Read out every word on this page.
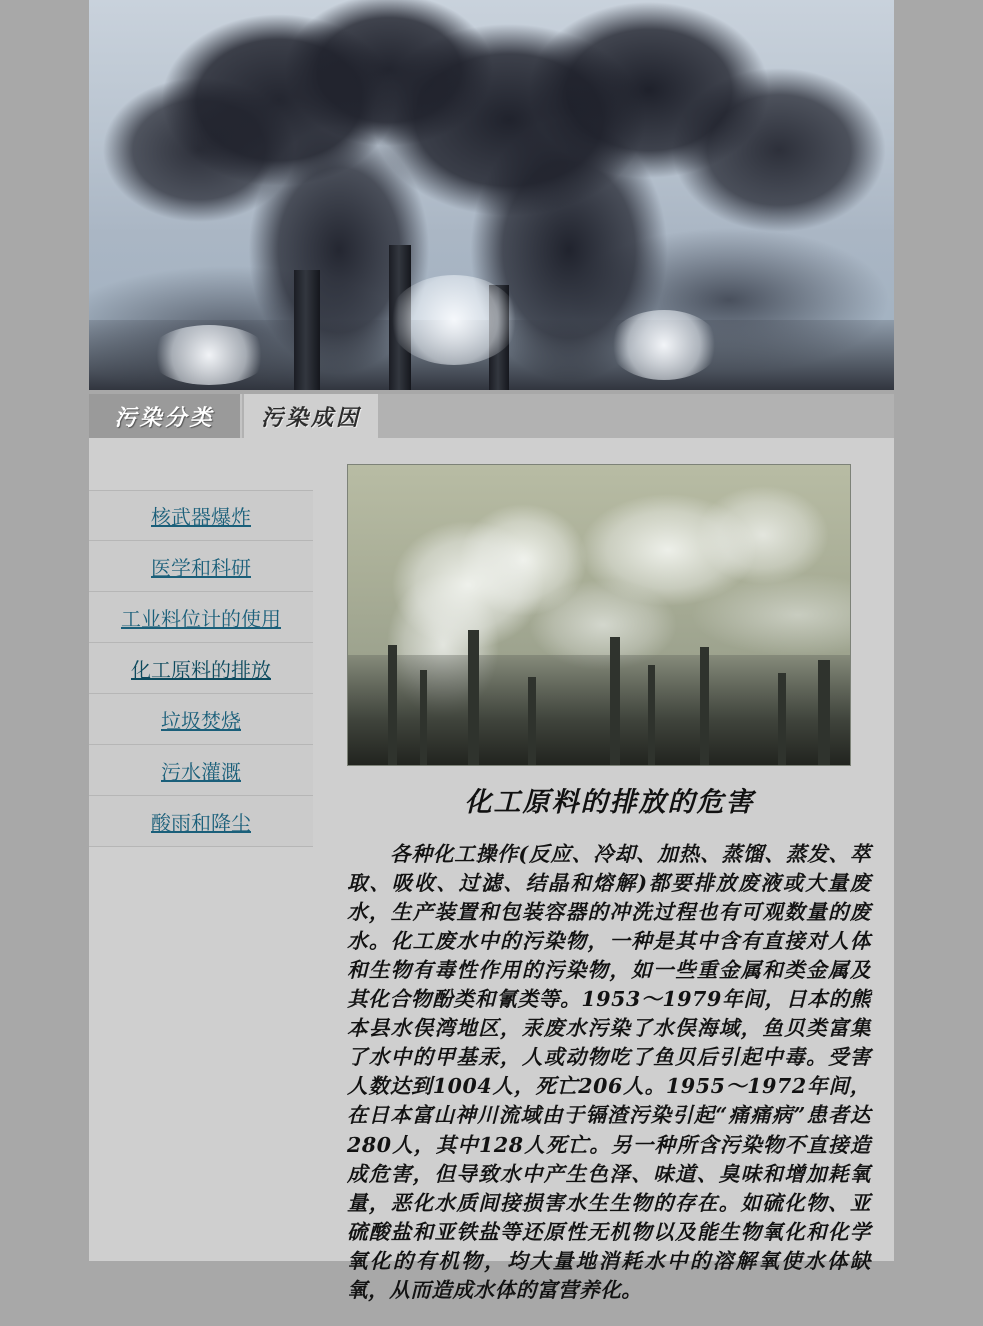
污染分类 污染成因
核武器爆炸
医学和科研
工业料位计的使用
化工原料的排放
垃圾焚烧
污水灌溉
酸雨和降尘
化工原料的排放的危害

各种化工操作(反应、冷却、加热、蒸馏、蒸发、萃取、吸收、过滤、结晶和熔解)都要排放废液或大量废水，生产装置和包装容器的冲洗过程也有可观数量的废水。化工废水中的污染物，一种是其中含有直接对人体和生物有毒性作用的污染物，如一些重金属和类金属及其化合物酚类和氰类等。1953～1979年间，日本的熊本县水俣湾地区，汞废水污染了水俣海域，鱼贝类富集了水中的甲基汞，人或动物吃了鱼贝后引起中毒。受害人数达到1004人，死亡206人。1955～1972年间，在日本富山神川流域由于镉渣污染引起“痛痛病”患者达280人，其中128人死亡。另一种所含污染物不直接造成危害，但导致水中产生色泽、味道、臭味和增加耗氧量，恶化水质间接损害水生生物的存在。如硫化物、亚硫酸盐和亚铁盐等还原性无机物以及能生物氧化和化学氧化的有机物，均大量地消耗水中的溶解氧使水体缺氧，从而造成水体的富营养化。
